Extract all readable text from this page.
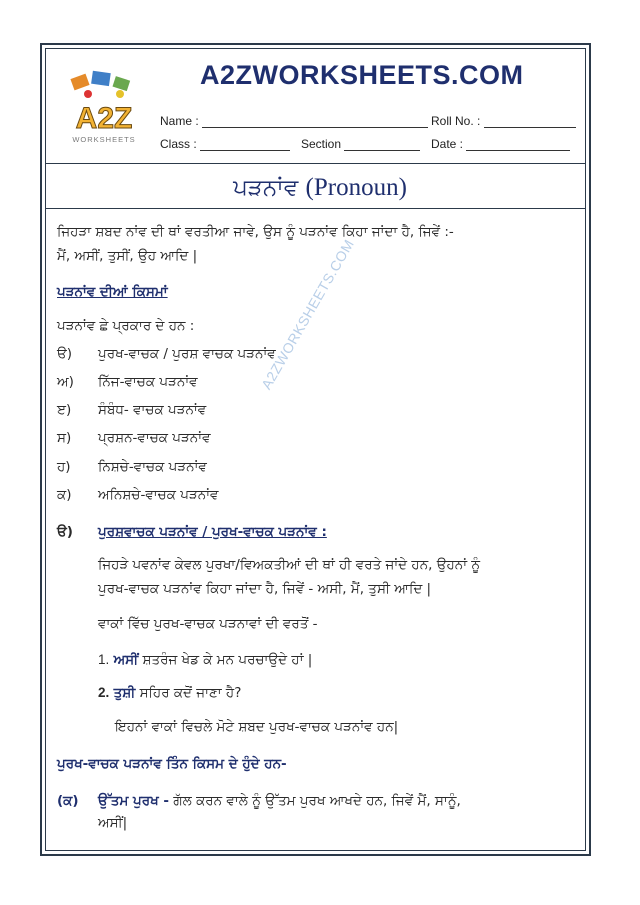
A2Z
WORKSHEETS
A2ZWORKSHEETS.COM
Name :	Roll No. :
Class :	Section	Date :
ਪੜਨਾਂਵ (Pronoun)
A2ZWORKSHEETS.COM
ਜਿਹੜਾ ਸ਼ਬਦ ਨਾਂਵ ਦੀ ਥਾਂ ਵਰਤੀਆ ਜਾਵੇ, ਉਸ ਨੂੰ ਪੜਨਾਂਵ ਕਿਹਾ ਜਾਂਦਾ ਹੈ, ਜਿਵੇਂ :-
ਮੈਂ, ਅਸੀਂ, ਤੁਸੀਂ, ਉਹ ਆਦਿ |
ਪੜਨਾਂਵ ਦੀਆਂ ਕਿਸਮਾਂ
ਪੜਨਾਂਵ ਛੇ ਪ੍ਰਕਾਰ ਦੇ ਹਨ :
ੳ) ਪੁਰਖ-ਵਾਚਕ / ਪੁਰਸ਼ ਵਾਚਕ ਪੜਨਾਂਵ
ਅ) ਨਿੱਜ-ਵਾਚਕ ਪੜਨਾਂਵ
ੲ) ਸੰਬੰਧ- ਵਾਚਕ ਪੜਨਾਂਵ
ਸ) ਪ੍ਰਸ਼ਨ-ਵਾਚਕ ਪੜਨਾਂਵ
ਹ) ਨਿਸ਼ਚੇ-ਵਾਚਕ ਪੜਨਾਂਵ
ਕ) ਅਨਿਸ਼ਚੇ-ਵਾਚਕ ਪੜਨਾਂਵ
ੳ) ਪੁਰਸ਼ਵਾਚਕ ਪੜਨਾਂਵ / ਪੁਰਖ-ਵਾਚਕ ਪੜਨਾਂਵ :
ਜਿਹੜੇ ਪਵਨਾਂਵ ਕੇਵਲ ਪੁਰਖਾ/ਵਿਅਕਤੀਆਂ ਦੀ ਥਾਂ ਹੀ ਵਰਤੇ ਜਾਂਦੇ ਹਨ, ਉਹਨਾਂ ਨੂੰ
ਪੁਰਖ-ਵਾਚਕ ਪੜਨਾਂਵ ਕਿਹਾ ਜਾਂਦਾ ਹੈ, ਜਿਵੇਂ - ਅਸੀ, ਮੈਂ, ਤੁਸੀ ਆਦਿ |
ਵਾਕਾਂ ਵਿੱਚ ਪੁਰਖ-ਵਾਚਕ ਪੜਨਾਵਾਂ ਦੀ ਵਰਤੋਂ -
1. ਅਸੀਂ ਸ਼ਤਰੰਜ ਖੇਡ ਕੇ ਮਨ ਪਰਚਾਉਦੇ ਹਾਂ |
2. ਤੁਸ਼ੀ ਸਹਿਰ ਕਦੋਂ ਜਾਣਾ ਹੈ?
ਇਹਨਾਂ ਵਾਕਾਂ ਵਿਚਲੇ ਮੋਟੇ ਸ਼ਬਦ ਪੁਰਖ-ਵਾਚਕ ਪੜਨਾਂਵ ਹਨ|
ਪੁਰਖ-ਵਾਚਕ ਪੜਨਾਂਵ ਤਿੰਨ ਕਿਸਮ ਦੇ ਹੁੰਦੇ ਹਨ-
(ਕ) ਉੱਤਮ ਪੁਰਖ - ਗੱਲ ਕਰਨ ਵਾਲੇ ਨੂੰ ਉੱਤਮ ਪੁਰਖ ਆਖਦੇ ਹਨ, ਜਿਵੇਂ ਮੈਂ, ਸਾਨੂੰ,
ਅਸੀਂ|
